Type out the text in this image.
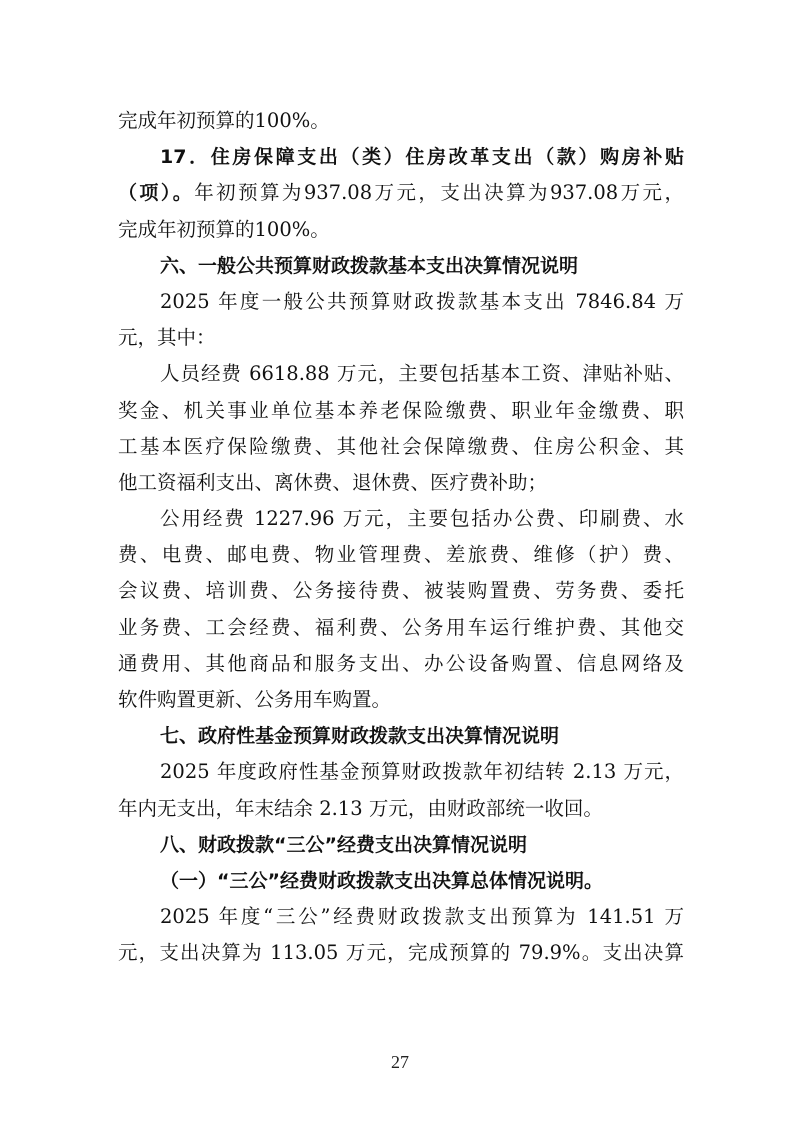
完成年初预算的100%。
17．住房保障支出（类）住房改革支出（款）购房补贴
（项）。年初预算为937.08万元，支出决算为937.08万元，
完成年初预算的100%。
六、一般公共预算财政拨款基本支出决算情况说明
2025 年度一般公共预算财政拨款基本支出 7846.84 万
元，其中：
人员经费 6618.88 万元，主要包括基本工资、津贴补贴、
奖金、机关事业单位基本养老保险缴费、职业年金缴费、职
工基本医疗保险缴费、其他社会保障缴费、住房公积金、其
他工资福利支出、离休费、退休费、医疗费补助；
公用经费 1227.96 万元，主要包括办公费、印刷费、水
费、电费、邮电费、物业管理费、差旅费、维修（护）费、
会议费、培训费、公务接待费、被装购置费、劳务费、委托
业务费、工会经费、福利费、公务用车运行维护费、其他交
通费用、其他商品和服务支出、办公设备购置、信息网络及
软件购置更新、公务用车购置。
七、政府性基金预算财政拨款支出决算情况说明
2025 年度政府性基金预算财政拨款年初结转 2.13 万元，
年内无支出，年末结余 2.13 万元，由财政部统一收回。
八、财政拨款“三公”经费支出决算情况说明
（一）“三公”经费财政拨款支出决算总体情况说明。
2025 年度“三公”经费财政拨款支出预算为 141.51 万
元，支出决算为 113.05 万元，完成预算的 79.9%。支出决算
27
